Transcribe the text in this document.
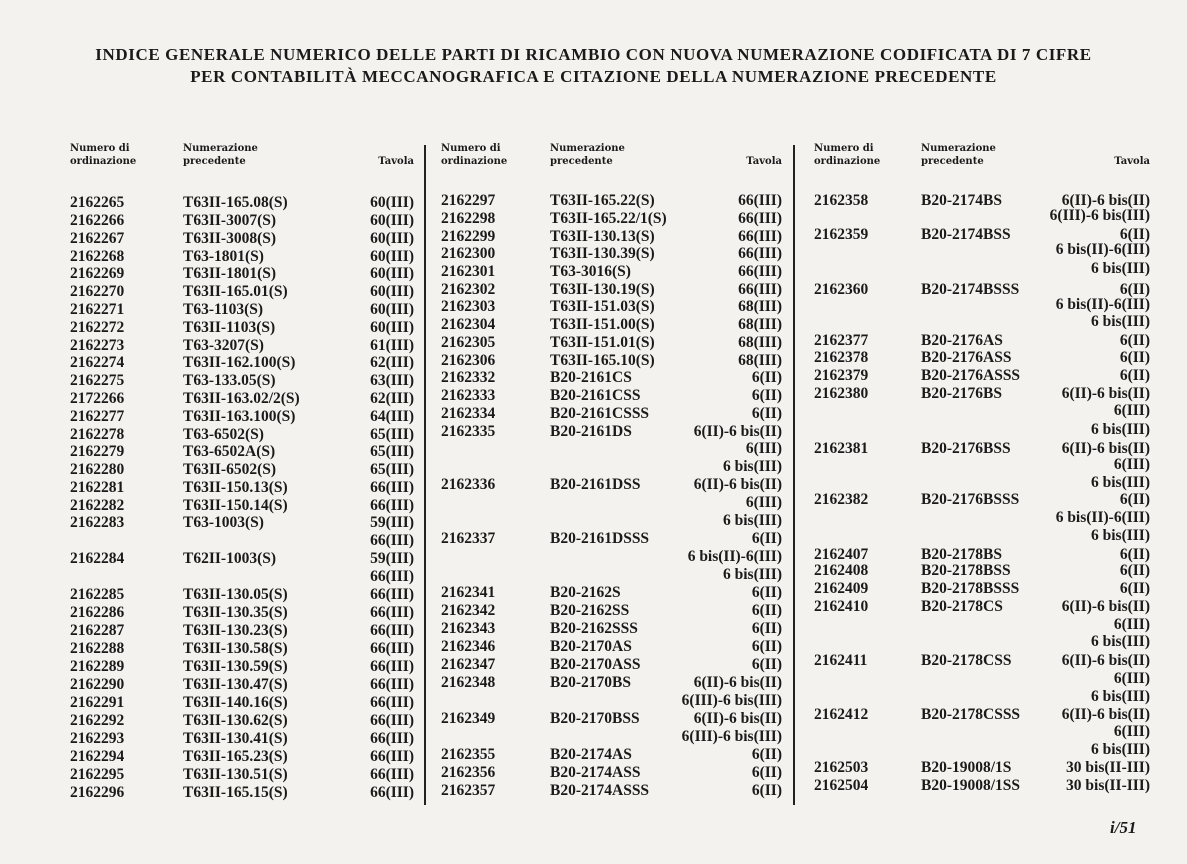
INDICE GENERALE NUMERICO DELLE PARTI DI RICAMBIO CON NUOVA NUMERAZIONE CODIFICATA DI 7 CIFRE
PER CONTABILITÀ MECCANOGRAFICA E CITAZIONE DELLA NUMERAZIONE PRECEDENTE
Numero di
ordinazione
Numerazione
precedente	Tavola
2162265	T63II-165.08(S)	60(III)
2162266	T63II-3007(S)	60(III)
2162267	T63II-3008(S)	60(III)
2162268	T63-1801(S)	60(III)
2162269	T63II-1801(S)	60(III)
2162270	T63II-165.01(S)	60(III)
2162271	T63-1103(S)	60(III)
2162272	T63II-1103(S)	60(III)
2162273	T63-3207(S)	61(III)
2162274	T63II-162.100(S)	62(III)
2162275	T63-133.05(S)	63(III)
2172266	T63II-163.02/2(S)	62(III)
2162277	T63II-163.100(S)	64(III)
2162278	T63-6502(S)	65(III)
2162279	T63-6502A(S)	65(III)
2162280	T63II-6502(S)	65(III)
2162281	T63II-150.13(S)	66(III)
2162282	T63II-150.14(S)	66(III)
2162283	T63-1003(S)	59(III)
66(III)
2162284	T62II-1003(S)	59(III)
66(III)
2162285	T63II-130.05(S)	66(III)
2162286	T63II-130.35(S)	66(III)
2162287	T63II-130.23(S)	66(III)
2162288	T63II-130.58(S)	66(III)
2162289	T63II-130.59(S)	66(III)
2162290	T63II-130.47(S)	66(III)
2162291	T63II-140.16(S)	66(III)
2162292	T63II-130.62(S)	66(III)
2162293	T63II-130.41(S)	66(III)
2162294	T63II-165.23(S)	66(III)
2162295	T63II-130.51(S)	66(III)
2162296	T63II-165.15(S)	66(III)
Numero di
ordinazione
Numerazione
precedente	Tavola
2162297	T63II-165.22(S)	66(III)
2162298	T63II-165.22/1(S)	66(III)
2162299	T63II-130.13(S)	66(III)
2162300	T63II-130.39(S)	66(III)
2162301	T63-3016(S)	66(III)
2162302	T63II-130.19(S)	66(III)
2162303	T63II-151.03(S)	68(III)
2162304	T63II-151.00(S)	68(III)
2162305	T63II-151.01(S)	68(III)
2162306	T63II-165.10(S)	68(III)
2162332	B20-2161CS	6(II)
2162333	B20-2161CSS	6(II)
2162334	B20-2161CSSS	6(II)
2162335	B20-2161DS	6(II)-6 bis(II)
6(III)
6 bis(III)
2162336	B20-2161DSS	6(II)-6 bis(II)
6(III)
6 bis(III)
2162337	B20-2161DSSS	6(II)
6 bis(II)-6(III)
6 bis(III)
2162341	B20-2162S	6(II)
2162342	B20-2162SS	6(II)
2162343	B20-2162SSS	6(II)
2162346	B20-2170AS	6(II)
2162347	B20-2170ASS	6(II)
2162348	B20-2170BS	6(II)-6 bis(II)
6(III)-6 bis(III)
2162349	B20-2170BSS	6(II)-6 bis(II)
6(III)-6 bis(III)
2162355	B20-2174AS	6(II)
2162356	B20-2174ASS	6(II)
2162357	B20-2174ASSS	6(II)
Numero di
ordinazione
Numerazione
precedente	Tavola
2162358	B20-2174BS	6(II)-6 bis(II)
6(III)-6 bis(III)
2162359	B20-2174BSS	6(II)
6 bis(II)-6(III)
6 bis(III)
2162360	B20-2174BSSS	6(II)
6 bis(II)-6(III)
6 bis(III)
2162377	B20-2176AS	6(II)
2162378	B20-2176ASS	6(II)
2162379	B20-2176ASSS	6(II)
2162380	B20-2176BS	6(II)-6 bis(II)
6(III)
6 bis(III)
2162381	B20-2176BSS	6(II)-6 bis(II)
6(III)
6 bis(III)
2162382	B20-2176BSSS	6(II)
6 bis(II)-6(III)
6 bis(III)
2162407	B20-2178BS	6(II)
2162408	B20-2178BSS	6(II)
2162409	B20-2178BSSS	6(II)
2162410	B20-2178CS	6(II)-6 bis(II)
6(III)
6 bis(III)
2162411	B20-2178CSS	6(II)-6 bis(II)
6(III)
6 bis(III)
2162412	B20-2178CSSS	6(II)-6 bis(II)
6(III)
6 bis(III)
2162503	B20-19008/1S	30 bis(II-III)
2162504	B20-19008/1SS	30 bis(II-III)
i/51
